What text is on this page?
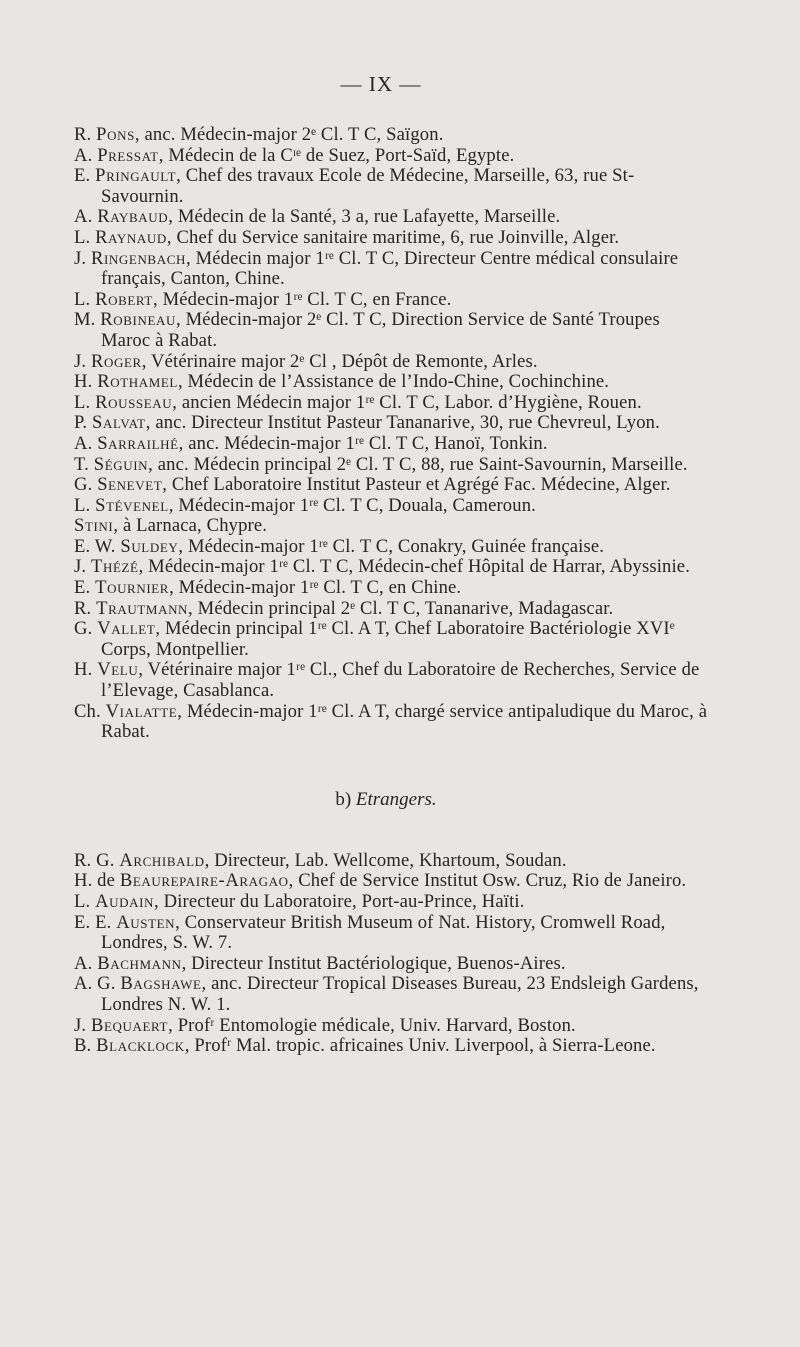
— IX —
R. Pons, anc. Médecin-major 2ᵉ Cl. T C, Saïgon.
A. Pressat, Médecin de la Cᶦᵉ de Suez, Port-Saïd, Egypte.
E. Pringault, Chef des travaux Ecole de Médecine, Marseille, 63, rue St-Savournin.
A. Raybaud, Médecin de la Santé, 3 a, rue Lafayette, Marseille.
L. Raynaud, Chef du Service sanitaire maritime, 6, rue Joinville, Alger.
J. Ringenbach, Médecin major 1ʳᵉ Cl. T C, Directeur Centre médical consulaire français, Canton, Chine.
L. Robert, Médecin-major 1ʳᵉ Cl. T C, en France.
M. Robineau, Médecin-major 2ᵉ Cl. T C, Direction Service de Santé Troupes Maroc à Rabat.
J. Roger, Vétérinaire major 2ᵉ Cl , Dépôt de Remonte, Arles.
H. Rothamel, Médecin de l’Assistance de l’Indo-Chine, Cochinchine.
L. Rousseau, ancien Médecin major 1ʳᵉ Cl. T C, Labor. d’Hygiène, Rouen.
P. Salvat, anc. Directeur Institut Pasteur Tananarive, 30, rue Chevreul, Lyon.
A. Sarrailhé, anc. Médecin-major 1ʳᵉ Cl. T C, Hanoï, Tonkin.
T. Séguin, anc. Médecin principal 2ᵉ Cl. T C, 88, rue Saint-Savournin, Marseille.
G. Senevet, Chef Laboratoire Institut Pasteur et Agrégé Fac. Médecine, Alger.
L. Stévenel, Médecin-major 1ʳᵉ Cl. T C, Douala, Cameroun.
Stini, à Larnaca, Chypre.
E. W. Suldey, Médecin-major 1ʳᵉ Cl. T C, Conakry, Guinée française.
J. Thézé, Médecin-major 1ʳᵉ Cl. T C, Médecin-chef Hôpital de Harrar, Abyssinie.
E. Tournier, Médecin-major 1ʳᵉ Cl. T C, en Chine.
R. Trautmann, Médecin principal 2ᵉ Cl. T C, Tananarive, Madagascar.
G. Vallet, Médecin principal 1ʳᵉ Cl. A T, Chef Laboratoire Bactériologie XVIᵉ Corps, Montpellier.
H. Velu, Vétérinaire major 1ʳᵉ Cl., Chef du Laboratoire de Recherches, Service de l’Elevage, Casablanca.
Ch. Vialatte, Médecin-major 1ʳᵉ Cl. A T, chargé service antipaludique du Maroc, à Rabat.
b) Etrangers.
R. G. Archibald, Directeur, Lab. Wellcome, Khartoum, Soudan.
H. de Beaurepaire-Aragao, Chef de Service Institut Osw. Cruz, Rio de Janeiro.
L. Audain, Directeur du Laboratoire, Port-au-Prince, Haïti.
E. E. Austen, Conservateur British Museum of Nat. History, Cromwell Road, Londres, S. W. 7.
A. Bachmann, Directeur Institut Bactériologique, Buenos-Aires.
A. G. Bagshawe, anc. Directeur Tropical Diseases Bureau, 23 Endsleigh Gardens, Londres N. W. 1.
J. Bequaert, Profʳ Entomologie médicale, Univ. Harvard, Boston.
B. Blacklock, Profʳ Mal. tropic. africaines Univ. Liverpool, à Sierra-Leone.
